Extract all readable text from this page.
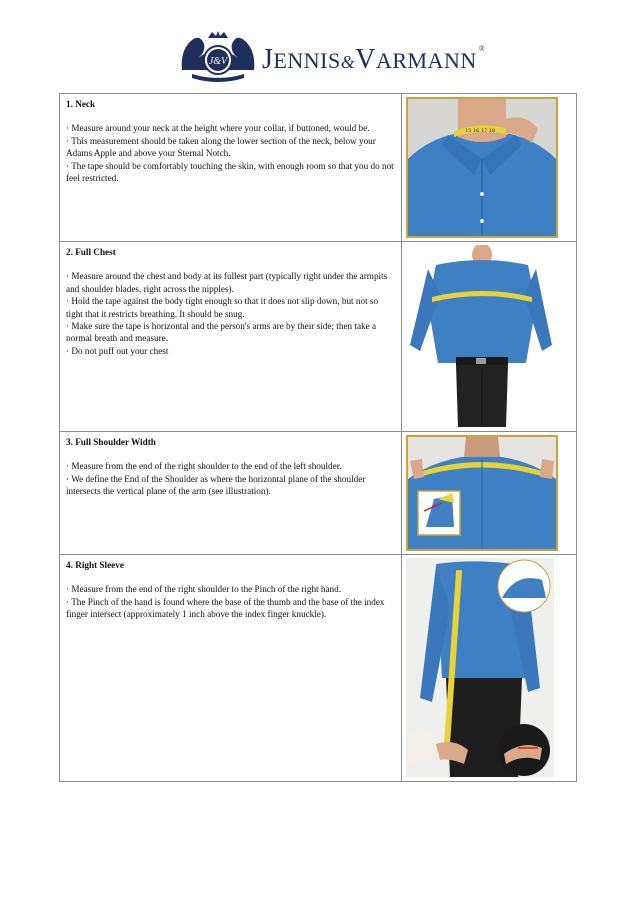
J&V
NEW YORK
JENNIS&VARMANN ®
1. Neck

· Measure around your neck at the height where your collar, if buttoned, would be.

· This measurement should be taken along the lower section of the neck, below your Adams Apple and above your Sternal Notch.

· The tape should be comfortably touching the skin, with enough room so that you do not feel restricted.	15 16 17 18

2. Full Chest

· Measure around the chest and body at its fullest part (typically right under the armpits and shoulder blades, right across the nipples).

· Hold the tape against the body tight enough so that it does not slip down, but not so tight that it restricts breathing. It should be snug.

· Make sure the tape is horizontal and the person's arms are by their side; then take a normal breath and measure.

· Do not puff out your chest

3. Full Shoulder Width

· Measure from the end of the right shoulder to the end of the left shoulder.

· We define the End of the Shoulder as where the horizontal plane of the shoulder intersects the vertical plane of the arm (see illustration).

4. Right Sleeve

· Measure from the end of the right shoulder to the Pinch of the right hand.

· The Pinch of the hand is found where the base of the thumb and the base of the index finger intersect (approximately 1 inch above the index finger knuckle).
